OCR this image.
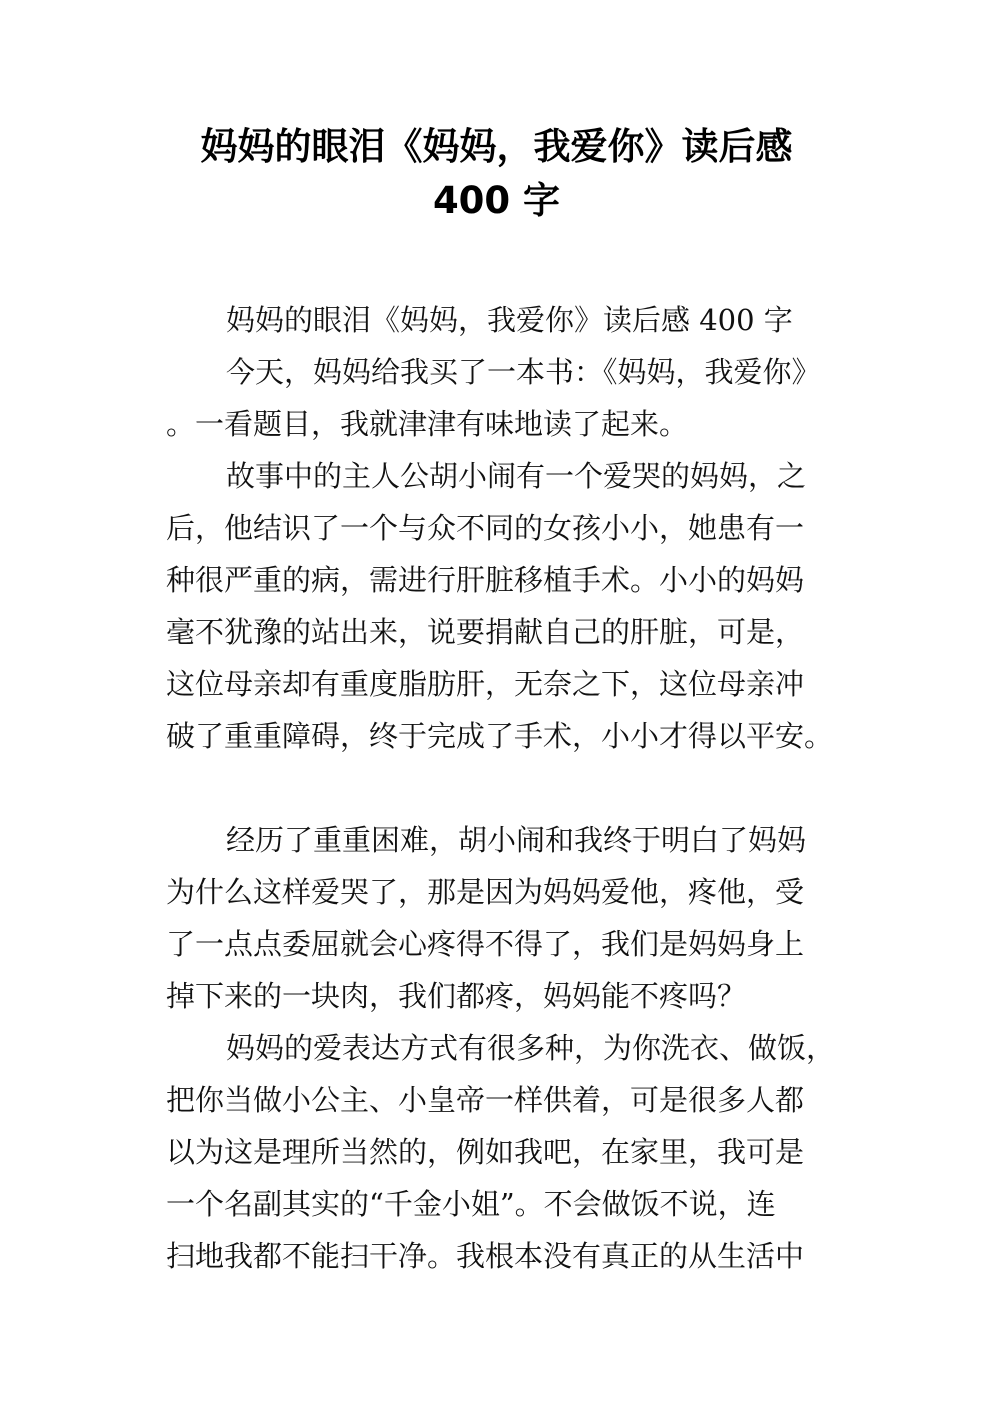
妈妈的眼泪《妈妈，我爱你》读后感
400 字
妈妈的眼泪《妈妈，我爱你》读后感 400 字
今天，妈妈给我买了一本书：《妈妈，我爱你》
。一看题目，我就津津有味地读了起来。
故事中的主人公胡小闹有一个爱哭的妈妈，之
后，他结识了一个与众不同的女孩小小，她患有一
种很严重的病，需进行肝脏移植手术。小小的妈妈
毫不犹豫的站出来，说要捐献自己的肝脏，可是，
这位母亲却有重度脂肪肝，无奈之下，这位母亲冲
破了重重障碍，终于完成了手术，小小才得以平安。
经历了重重困难，胡小闹和我终于明白了妈妈
为什么这样爱哭了，那是因为妈妈爱他，疼他，受
了一点点委屈就会心疼得不得了，我们是妈妈身上
掉下来的一块肉，我们都疼，妈妈能不疼吗？
妈妈的爱表达方式有很多种，为你洗衣、做饭，
把你当做小公主、小皇帝一样供着，可是很多人都
以为这是理所当然的，例如我吧，在家里，我可是
一个名副其实的“千金小姐”。不会做饭不说，连
扫地我都不能扫干净。我根本没有真正的从生活中
